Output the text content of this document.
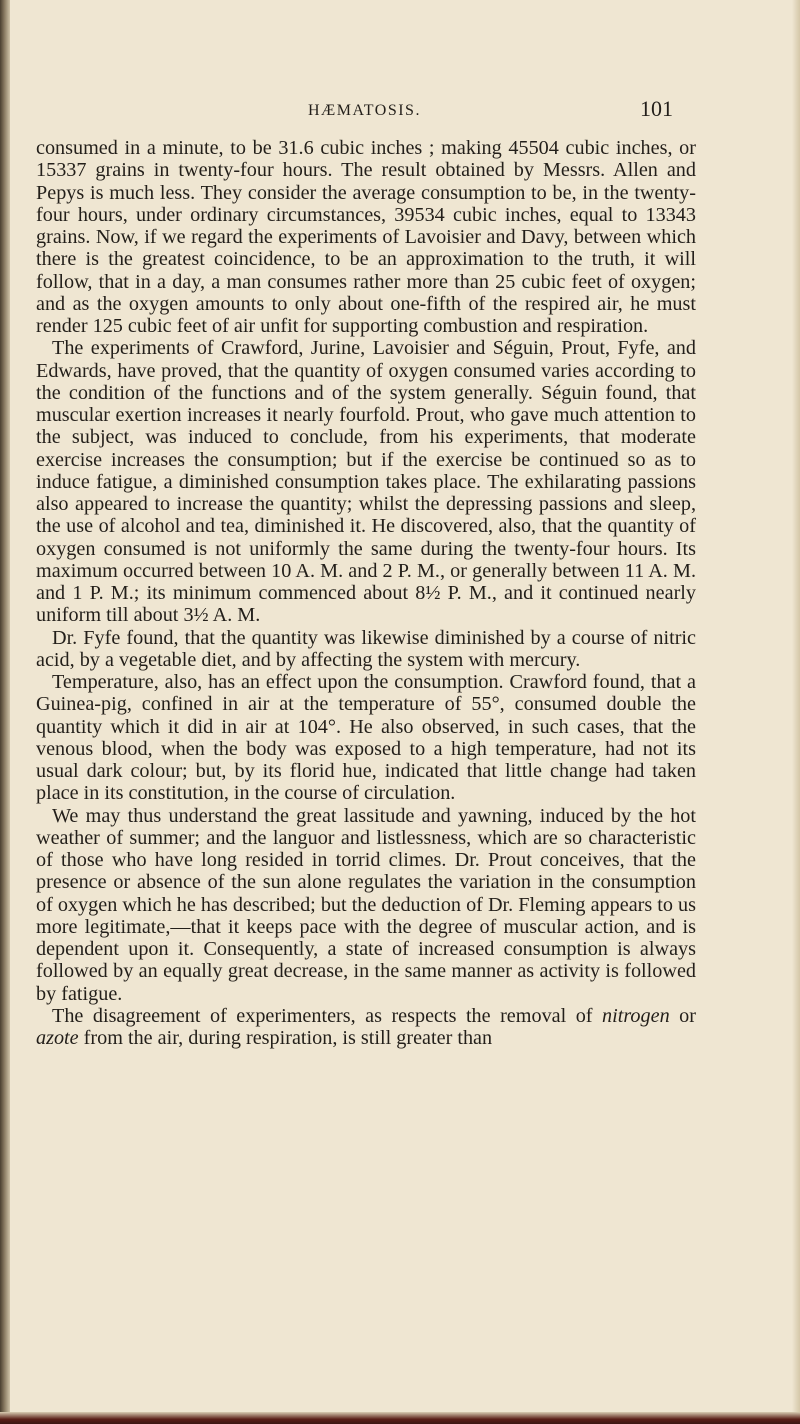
HÆMATOSIS.	101

consumed in a minute, to be 31.6 cubic inches ; making 45504 cubic inches, or 15337 grains in twenty-four hours. The result obtained by Messrs. Allen and Pepys is much less. They consider the average consumption to be, in the twenty-four hours, under ordinary circumstances, 39534 cubic inches, equal to 13343 grains. Now, if we regard the experiments of Lavoisier and Davy, between which there is the greatest coincidence, to be an approximation to the truth, it will follow, that in a day, a man consumes rather more than 25 cubic feet of oxygen; and as the oxygen amounts to only about one-fifth of the respired air, he must render 125 cubic feet of air unfit for supporting combustion and respiration.

The experiments of Crawford, Jurine, Lavoisier and Séguin, Prout, Fyfe, and Edwards, have proved, that the quantity of oxygen consumed varies according to the condition of the functions and of the system generally. Séguin found, that muscular exertion increases it nearly fourfold. Prout, who gave much attention to the subject, was induced to conclude, from his experiments, that moderate exercise increases the consumption; but if the exercise be continued so as to induce fatigue, a diminished consumption takes place. The exhilarating passions also appeared to increase the quantity; whilst the depressing passions and sleep, the use of alcohol and tea, diminished it. He discovered, also, that the quantity of oxygen consumed is not uniformly the same during the twenty-four hours. Its maximum occurred between 10 A. M. and 2 P. M., or generally between 11 A. M. and 1 P. M.; its minimum commenced about 8½ P. M., and it continued nearly uniform till about 3½ A. M.

Dr. Fyfe found, that the quantity was likewise diminished by a course of nitric acid, by a vegetable diet, and by affecting the system with mercury.

Temperature, also, has an effect upon the consumption. Crawford found, that a Guinea-pig, confined in air at the temperature of 55°, consumed double the quantity which it did in air at 104°. He also observed, in such cases, that the venous blood, when the body was exposed to a high temperature, had not its usual dark colour; but, by its florid hue, indicated that little change had taken place in its constitution, in the course of circulation.

We may thus understand the great lassitude and yawning, induced by the hot weather of summer; and the languor and listlessness, which are so characteristic of those who have long resided in torrid climes. Dr. Prout conceives, that the presence or absence of the sun alone regulates the variation in the consumption of oxygen which he has described; but the deduction of Dr. Fleming appears to us more legitimate,—that it keeps pace with the degree of muscular action, and is dependent upon it. Consequently, a state of increased consumption is always followed by an equally great decrease, in the same manner as activity is followed by fatigue.

The disagreement of experimenters, as respects the removal of nitrogen or azote from the air, during respiration, is still greater than
